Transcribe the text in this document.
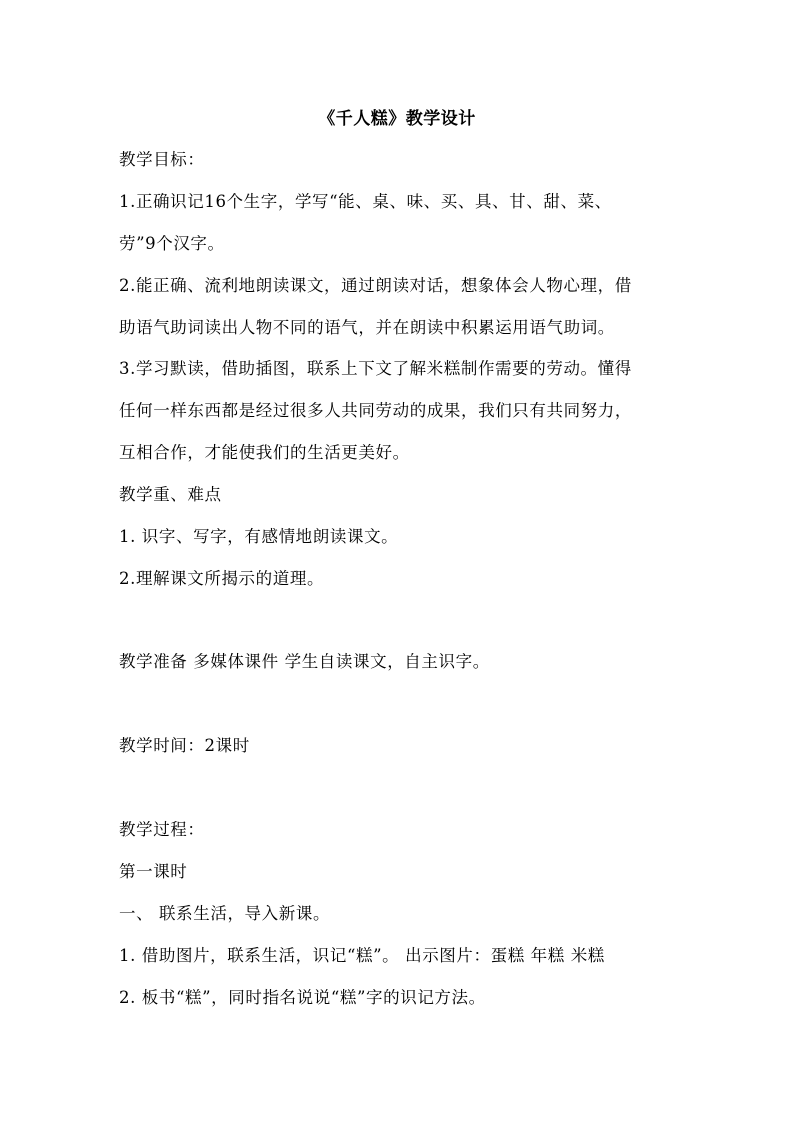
《千人糕》教学设计
教学目标：
1.正确识记16个生字，学写“能、桌、味、买、具、甘、甜、菜、
劳”9个汉字。
2.能正确、流利地朗读课文，通过朗读对话，想象体会人物心理，借
助语气助词读出人物不同的语气，并在朗读中积累运用语气助词。
3.学习默读，借助插图，联系上下文了解米糕制作需要的劳动。懂得
任何一样东西都是经过很多人共同劳动的成果，我们只有共同努力，
互相合作，才能使我们的生活更美好。
教学重、难点
1. 识字、写字，有感情地朗读课文。
2.理解课文所揭示的道理。
教学准备 多媒体课件 学生自读课文，自主识字。
教学时间：2课时
教学过程：
第一课时
一、 联系生活，导入新课。
1. 借助图片，联系生活，识记“糕”。 出示图片：蛋糕 年糕 米糕
2. 板书“糕”，同时指名说说“糕”字的识记方法。
